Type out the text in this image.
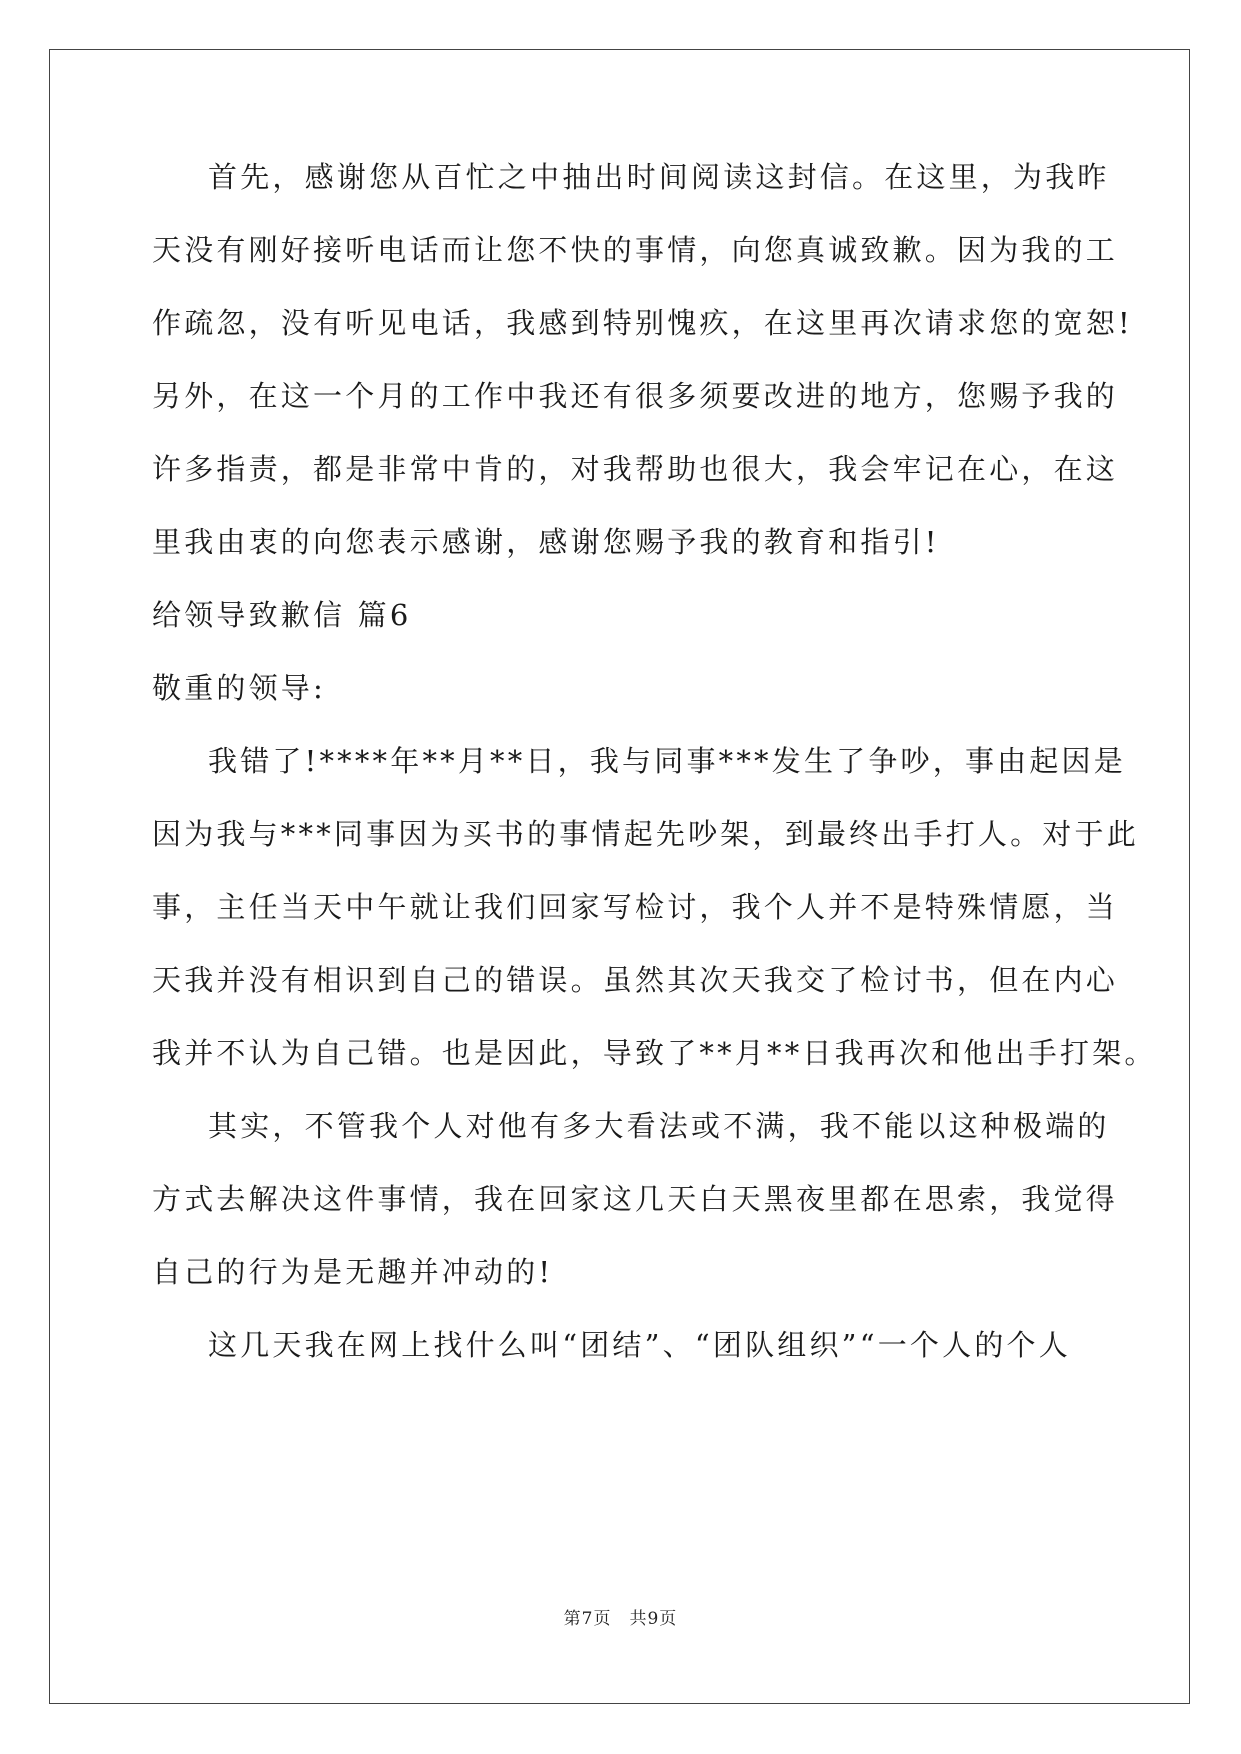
首先，感谢您从百忙之中抽出时间阅读这封信。在这里，为我昨
天没有刚好接听电话而让您不快的事情，向您真诚致歉。因为我的工
作疏忽，没有听见电话，我感到特别愧疚，在这里再次请求您的宽恕!
另外，在这一个月的工作中我还有很多须要改进的地方，您赐予我的
许多指责，都是非常中肯的，对我帮助也很大，我会牢记在心，在这
里我由衷的向您表示感谢，感谢您赐予我的教育和指引!
给领导致歉信 篇6
敬重的领导:
我错了!****年**月**日，我与同事***发生了争吵，事由起因是
因为我与***同事因为买书的事情起先吵架，到最终出手打人。对于此
事，主任当天中午就让我们回家写检讨，我个人并不是特殊情愿，当
天我并没有相识到自己的错误。虽然其次天我交了检讨书，但在内心
我并不认为自己错。也是因此，导致了**月**日我再次和他出手打架。
其实，不管我个人对他有多大看法或不满，我不能以这种极端的
方式去解决这件事情，我在回家这几天白天黑夜里都在思索，我觉得
自己的行为是无趣并冲动的!
这几天我在网上找什么叫“团结”、“团队组织”“一个人的个人
第7页　共9页
